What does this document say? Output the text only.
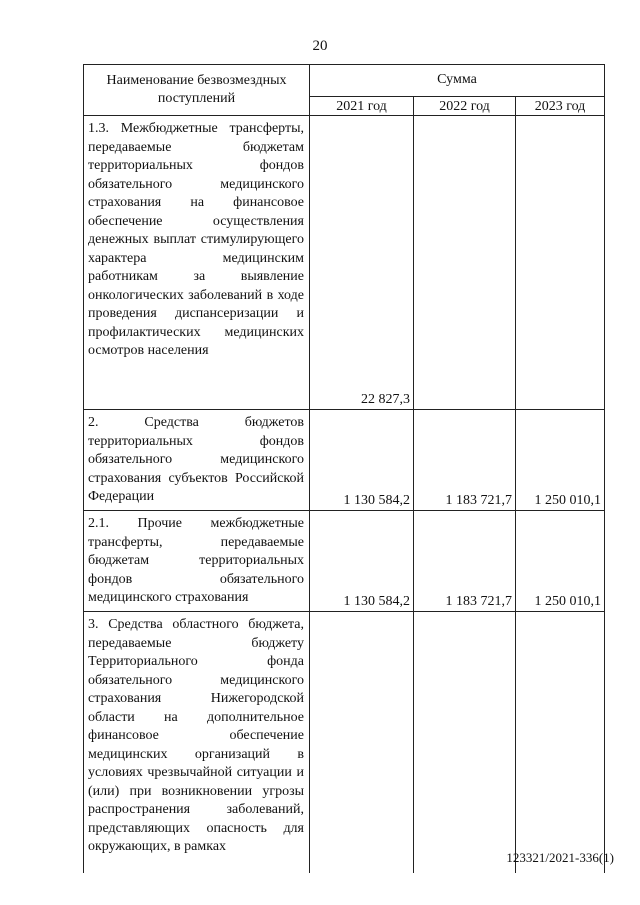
20
Наименование безвозмездных поступлений	Сумма		
	2021 год	2022 год	2023 год
1.3. Межбюджетные трансферты, передаваемые бюджетам территориальных фондов обязательного медицинского страхования на финансовое обеспечение осуществления денежных выплат стимулирующего характера медицинским работникам за выявление онкологических заболеваний в ходе проведения диспансеризации и профилактических медицинских осмотров населения	22 827,3		
2. Средства бюджетов территориальных фондов обязательного медицинского страхования субъектов Российской Федерации	1 130 584,2	1 183 721,7	1 250 010,1
2.1. Прочие межбюджетные трансферты, передаваемые бюджетам территориальных фондов обязательного медицинского страхования	1 130 584,2	1 183 721,7	1 250 010,1
3. Средства областного бюджета, передаваемые бюджету Территориального фонда обязательного медицинского страхования Нижегородской области на дополнительное финансовое обеспечение медицинских организаций в условиях чрезвычайной ситуации и (или) при возникновении угрозы распространения заболеваний, представляющих опасность для окружающих, в рамках			
123321/2021-336(1)
